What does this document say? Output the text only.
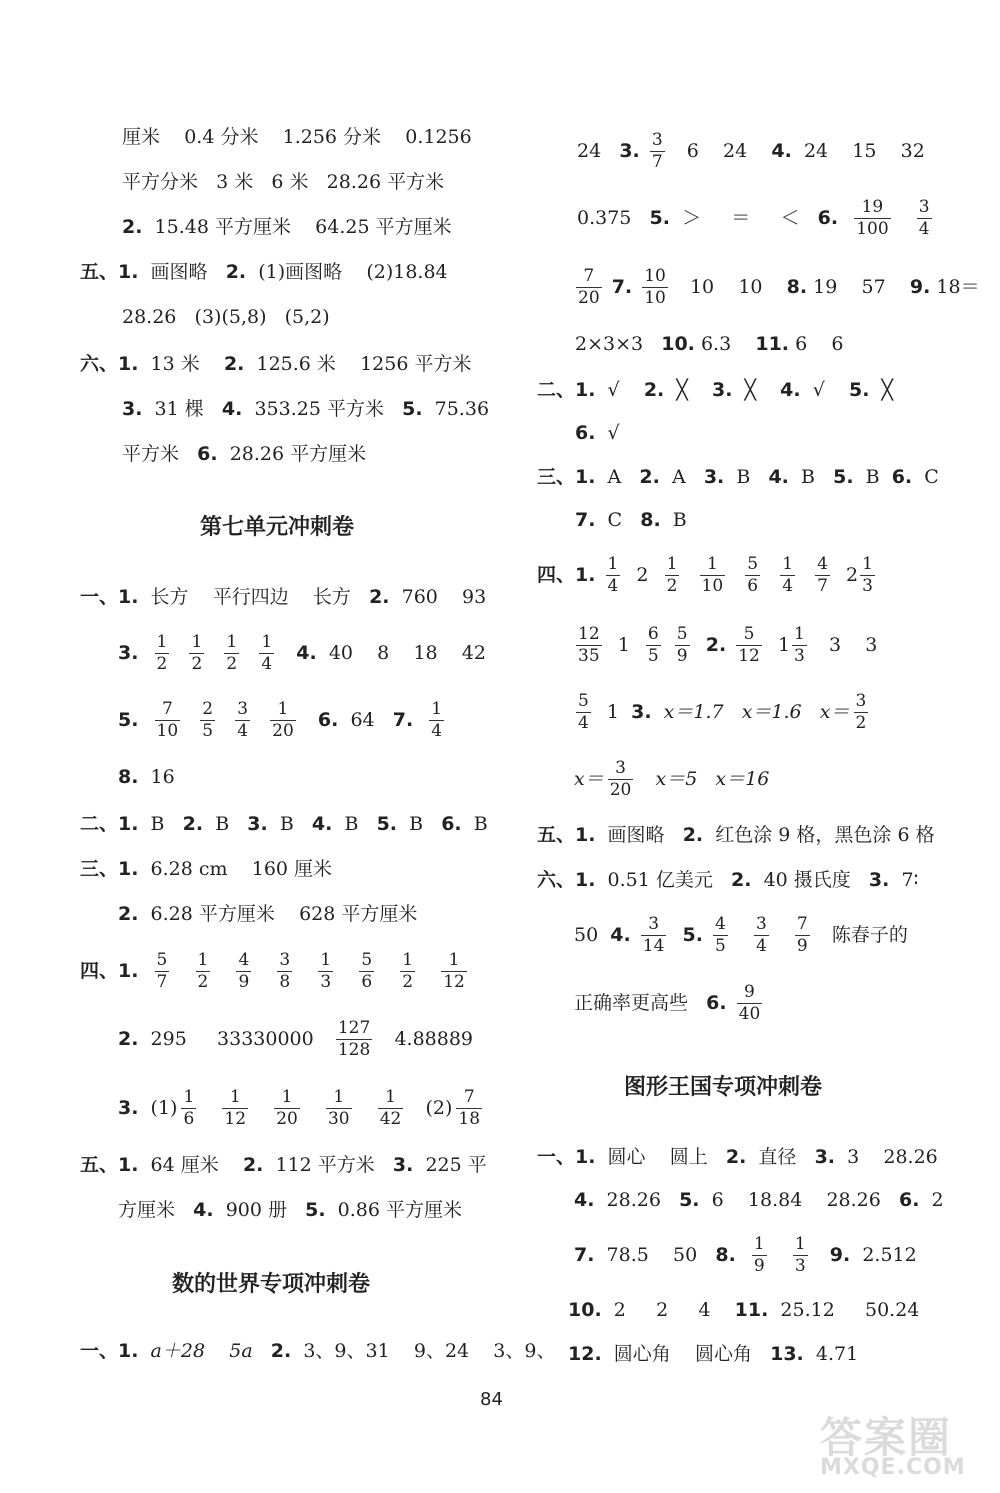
厘米 0.4 分米 1.256 分米 0.1256
平方分米 3 米 6 米 28.26 平方米
2. 15.48 平方厘米 64.25 平方厘米
五、1. 画图略 2. (1)画图略 (2)18.84
28.26 (3)(5,8) (5,2)
六、1. 13 米 2. 125.6 米 1256 平方米
3. 31 棵 4. 353.25 平方米 5. 75.36
平方米 6. 28.26 平方厘米
第七单元冲刺卷
一、1. 长方 平行四边 长方 2. 760 93
3. $\frac{1}{2}$
$\frac{1}{2}$
$\frac{1}{2}$
$\frac{1}{4} 4$. 40 8 18 42
5. $\frac{7}{10}$
$\frac{2}{5}$
$\frac{3}{4}$
$\frac{1}{20} 6$. 64 7. $\frac{1}{4}$
8. 16
二、1. B 2. B 3. B 4. B 5. B 6. B
三、1. 6.28 cm 160 厘米
2. 6.28 平方厘米 628 平方厘米
四、1. $\frac{5}{7}$
$\frac{1}{2}$
$\frac{4}{9}$
$\frac{3}{8}$
$\frac{1}{3}$
$\frac{5}{6}$
$\frac{1}{2}$
$\frac{1}{12}$
2. 295 $33330000 \frac{127}{128} 4.88889$
3. $(1) \frac{1}{6}$
$\frac{1}{12}$
$\frac{1}{20}$
$\frac{1}{30}$
$\frac{1}{42} (2) \frac{7}{18}$
五、1. 64 厘米 2. 112 平方米 3. 225 平
方厘米 4. 900 册 5. 0.86 平方厘米
数的世界专项冲刺卷
一、1. a＋28 5a 2. 3、9、31 9、24 3、9、
24 3. $\frac{3}{7} 6$ 24 4. 24 15 32
0.375 5. ＞ ＝ ＜ 6. $\frac{19}{100}$
$\frac{3}{4}$
$\frac{7}{20} 7$. $\frac{10}{10} 10$ 10 8. 19 57 9. 18＝
2×3×3 10. 6.3 11. 6 6
二、1. √ 2. ╳ 3. ╳ 4. √ 5. ╳
6. √
三、1. A 2. A 3. B 4. B 5. B 6. C
7. C 8. B
四、1. $\frac{1}{4} 2 \frac{1}{2}$
$\frac{1}{10}$
$\frac{5}{6}$
$\frac{1}{4}$
$\frac{4}{7} 2 \frac{1}{3}$
$\frac{12}{35} 1 \frac{6}{5}$
$\frac{5}{9} 2$. $\frac{5}{12} 1 \frac{1}{3} 3$ 3
$\frac{5}{4} 1$ 3. x＝1.7 x＝1.6 $x= \frac{3}{2}$
$x= \frac{3}{20} x=5$ x＝16
五、1. 画图略 2. 红色涂 9 格，黑色涂 6 格
六、1. 0.51 亿美元 2. 40 摄氏度 3. 7∶
50 4. $\frac{3}{14} 5$. $\frac{4}{5}$
$\frac{3}{4}$
$\frac{7}{9}$ 陈春子的
正确率更高些 6. $\frac{9}{40}$
图形王国专项冲刺卷
一、1. 圆心 圆上 2. 直径 3. 3 28.26
4. 28.26 5. 6 18.84 28.26 6. 2
7. 78.5 50 8. $\frac{1}{9}$
$\frac{1}{3} 9$. 2.512
10. 2 2 4 11. 25.12 50.24
12. 圆心角 圆心角 13. 4.71
84
答案圈
MXQE.COM
